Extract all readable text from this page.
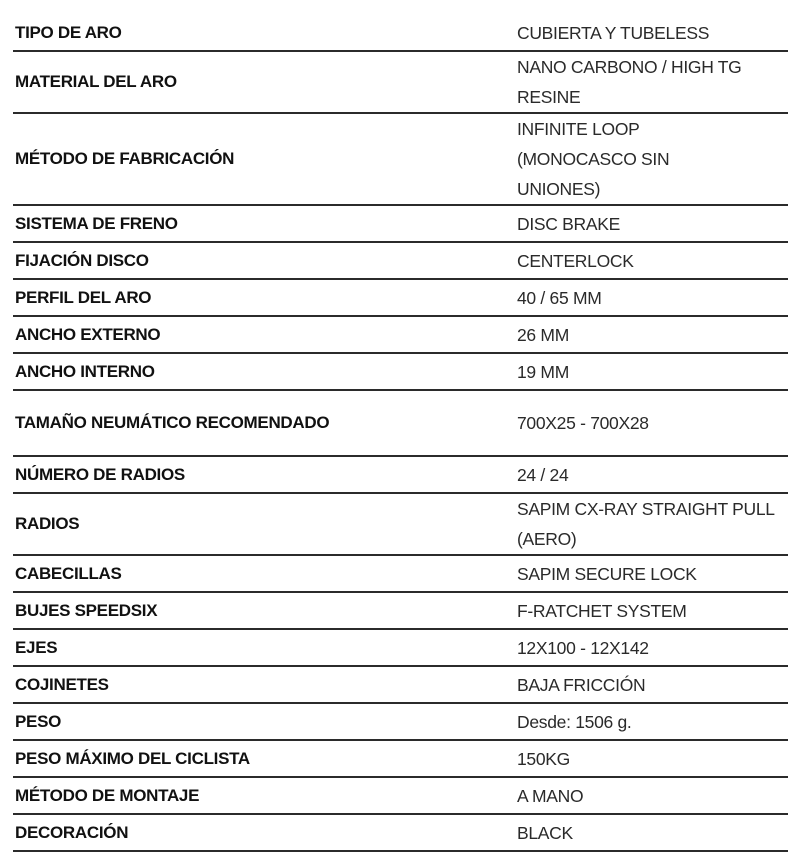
TIPO DE ARO	CUBIERTA Y TUBELESS
MATERIAL DEL ARO	NANO CARBONO / HIGH TG RESINE
MÉTODO DE FABRICACIÓN	INFINITE LOOP (MONOCASCO SIN UNIONES)
SISTEMA DE FRENO	DISC BRAKE
FIJACIÓN DISCO	CENTERLOCK
PERFIL DEL ARO	40 / 65 MM
ANCHO EXTERNO	26 MM
ANCHO INTERNO	19 MM
TAMAÑO NEUMÁTICO RECOMENDADO	700X25 - 700X28
NÚMERO DE RADIOS	24 / 24
RADIOS	SAPIM CX-RAY STRAIGHT PULL (AERO)
CABECILLAS	SAPIM SECURE LOCK
BUJES SPEEDSIX	F-RATCHET SYSTEM
EJES	12X100 - 12X142
COJINETES	BAJA FRICCIÓN
PESO	Desde: 1506 g.
PESO MÁXIMO DEL CICLISTA	150KG
MÉTODO DE MONTAJE	A MANO
DECORACIÓN	BLACK
